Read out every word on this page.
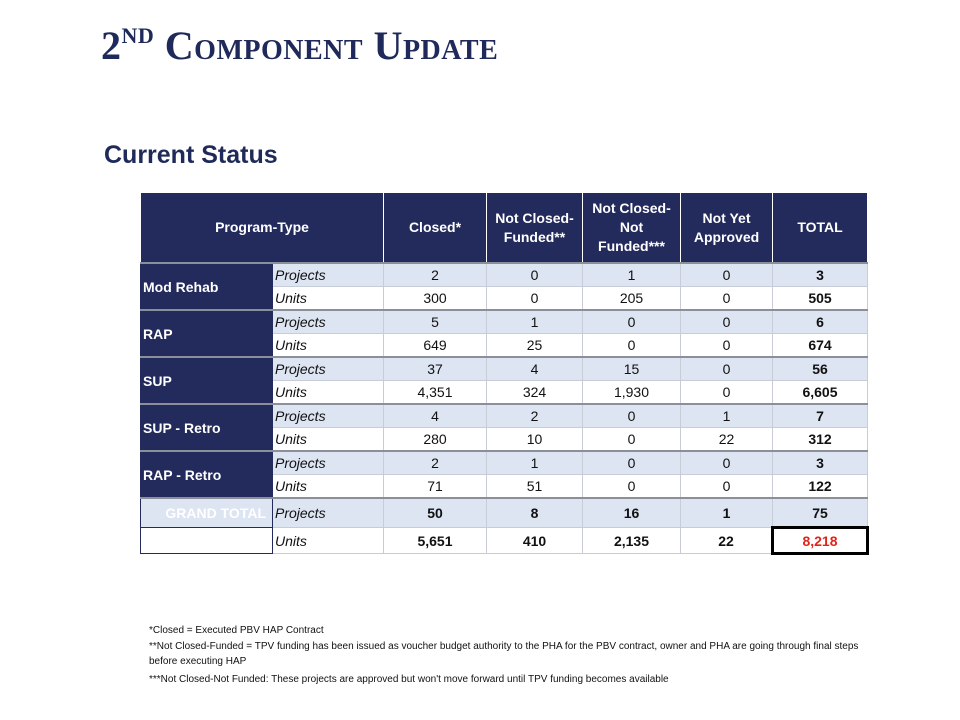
2ND COMPONENT UPDATE
Current Status
Program-Type		Closed*	Not Closed-Funded**	Not Closed-Not Funded***	Not Yet Approved	TOTAL
Mod Rehab	Projects	2	0	1	0	3
	Units	300	0	205	0	505
RAP	Projects	5	1	0	0	6
	Units	649	25	0	0	674
SUP	Projects	37	4	15	0	56
	Units	4,351	324	1,930	0	6,605
SUP - Retro	Projects	4	2	0	1	7
	Units	280	10	0	22	312
RAP - Retro	Projects	2	1	0	0	3
	Units	71	51	0	0	122
GRAND TOTAL	Projects	50	8	16	1	75
GRAND TOTAL	Units	5,651	410	2,135	22	8,218

*Closed = Executed PBV HAP Contract

**Not Closed-Funded = TPV funding has been issued as voucher budget authority to the PHA for the PBV contract, owner and PHA are going through final steps before executing HAP

***Not Closed-Not Funded: These projects are approved but won't move forward until TPV funding becomes available
